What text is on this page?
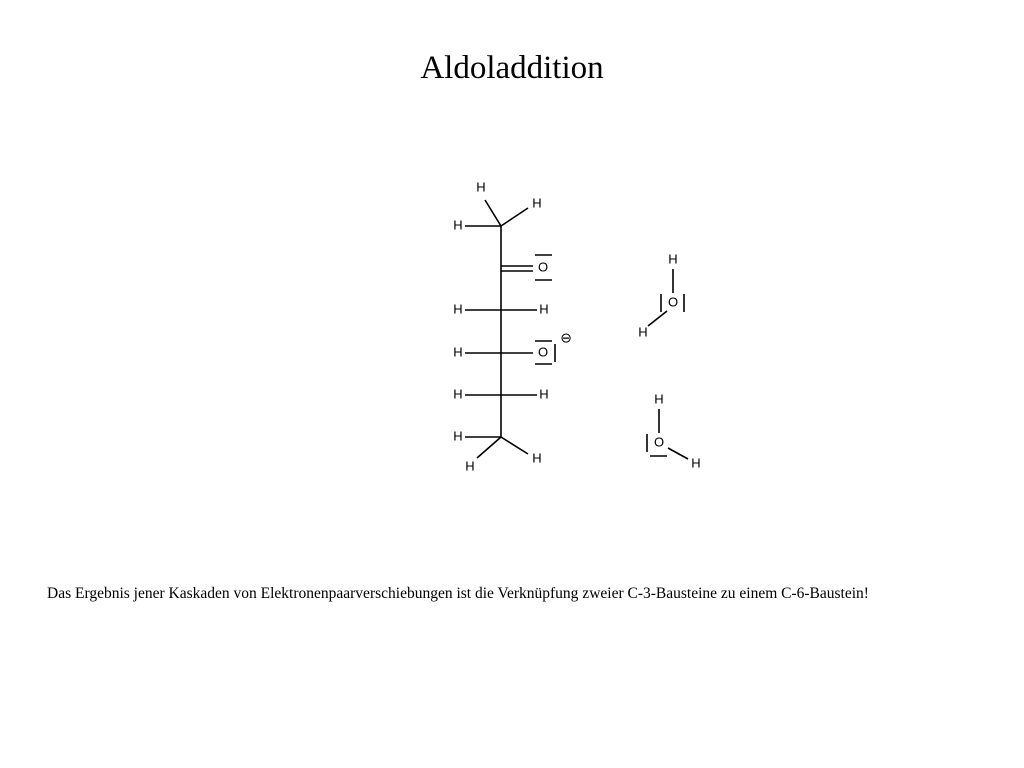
Aldoladdition
H
H
H
O
H	H
H	O
⊖
H	H
H
H
H
H
O
H
H
O
H
Das Ergebnis jener Kaskaden von Elektronenpaarverschiebungen ist die Verknüpfung zweier C-3-Bausteine zu einem C-6-Baustein!
